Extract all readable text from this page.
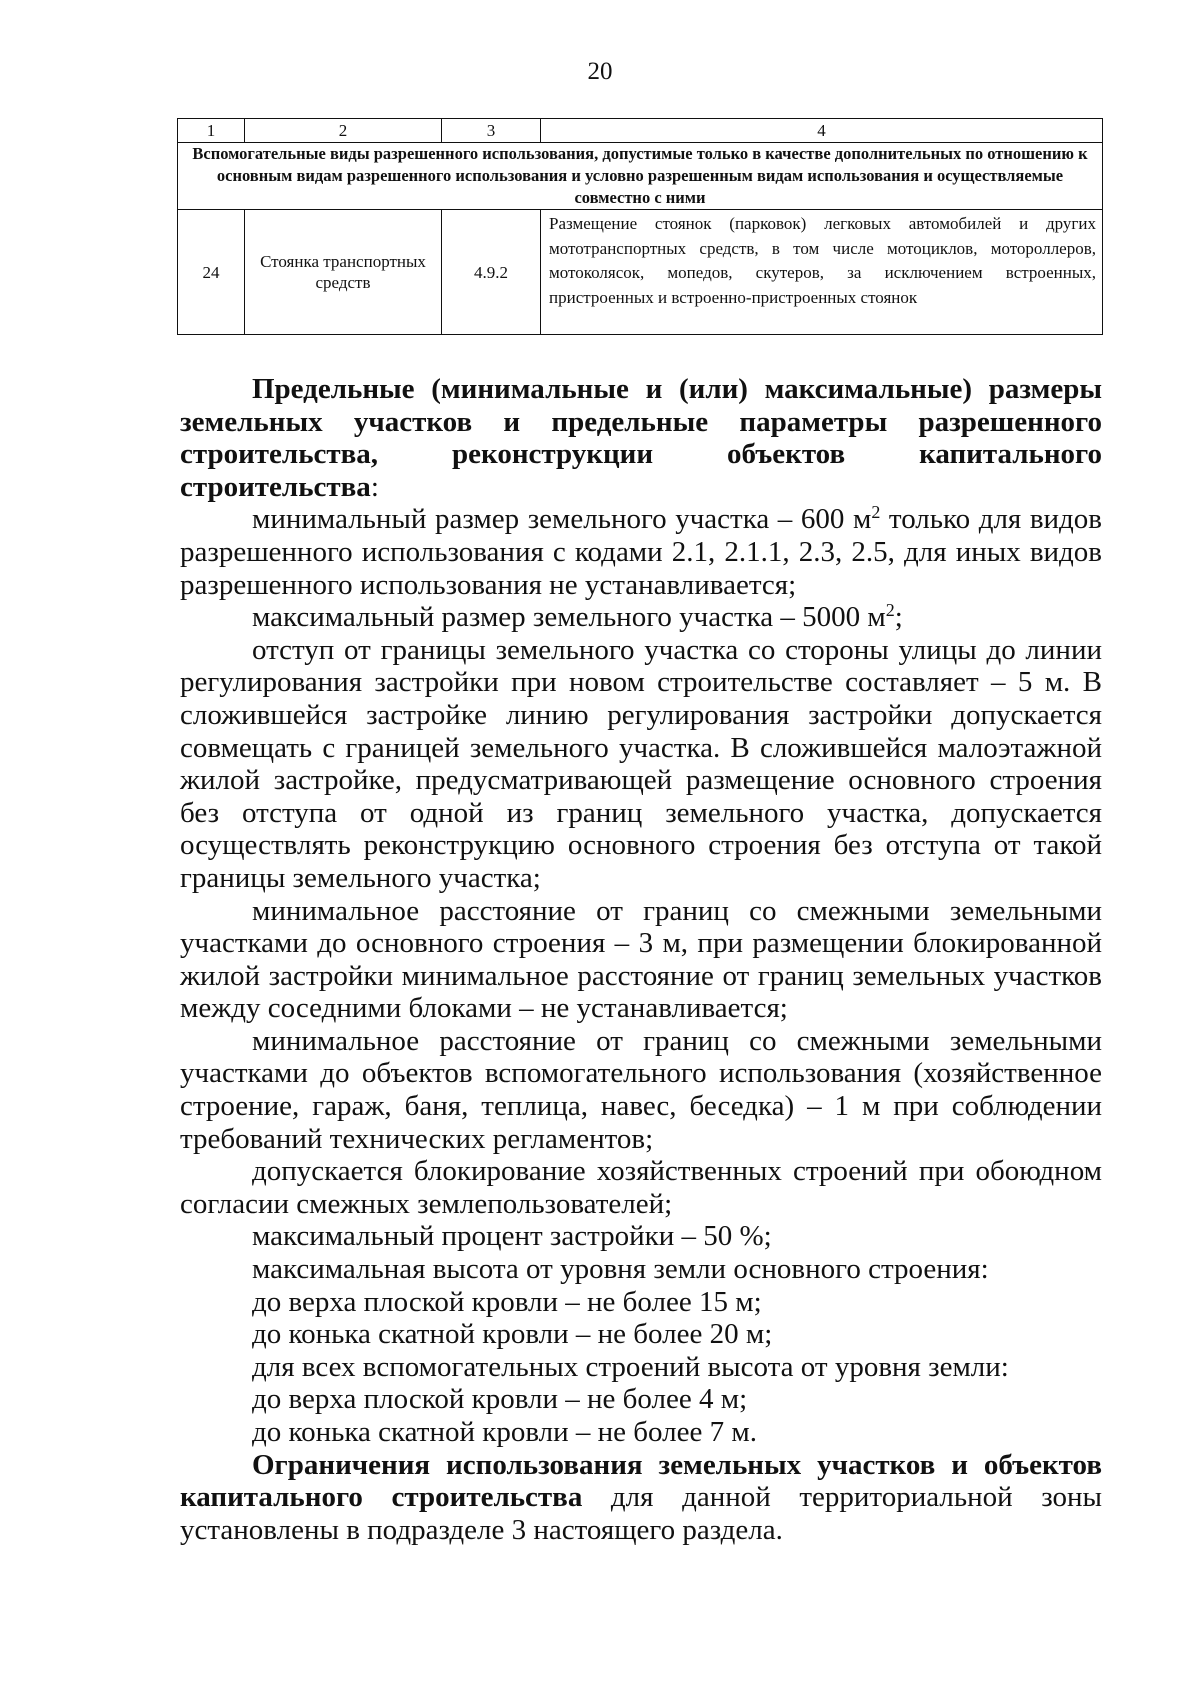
20
1	2	3	4
Вспомогательные виды разрешенного использования, допустимые только в качестве дополнительных по отношению к основным видам разрешенного использования и условно разрешенным видам использования и осуществляемые совместно с ними			
24	Стоянка транспортных средств	4.9.2	Размещение стоянок (парковок) легковых автомобилей и других мототранспортных средств, в том числе мотоциклов, мотороллеров, мотоколясок, мопедов, скутеров, за исключением встроенных, пристроенных и встроенно-пристроенных стоянок

Предельные (минимальные и (или) максимальные) размеры земельных участков и предельные параметры разрешенного строительства, реконструкции объектов капитального строительства:

минимальный размер земельного участка – 600 $м^2$ только для видов разрешенного использования с кодами 2.1, 2.1.1, 2.3, 2.5, для иных видов разрешенного использования не устанавливается;

максимальный размер земельного участка – 5000 $м^2$;

отступ от границы земельного участка со стороны улицы до линии регулирования застройки при новом строительстве составляет – 5 м. В сложившейся застройке линию регулирования застройки допускается совмещать с границей земельного участка. В сложившейся малоэтажной жилой застройке, предусматривающей размещение основного строения без отступа от одной из границ земельного участка, допускается осуществлять реконструкцию основного строения без отступа от такой границы земельного участка;

минимальное расстояние от границ со смежными земельными участками до основного строения – 3 м, при размещении блокированной жилой застройки минимальное расстояние от границ земельных участков между соседними блоками – не устанавливается;

минимальное расстояние от границ со смежными земельными участками до объектов вспомогательного использования (хозяйственное строение, гараж, баня, теплица, навес, беседка) – 1 м при соблюдении требований технических регламентов;

допускается блокирование хозяйственных строений при обоюдном согласии смежных землепользователей;

максимальный процент застройки – 50 %;

максимальная высота от уровня земли основного строения:

до верха плоской кровли – не более 15 м;

до конька скатной кровли – не более 20 м;

для всех вспомогательных строений высота от уровня земли:

до верха плоской кровли – не более 4 м;

до конька скатной кровли – не более 7 м.

Ограничения использования земельных участков и объектов капитального строительства для данной территориальной зоны установлены в подразделе 3 настоящего раздела.
